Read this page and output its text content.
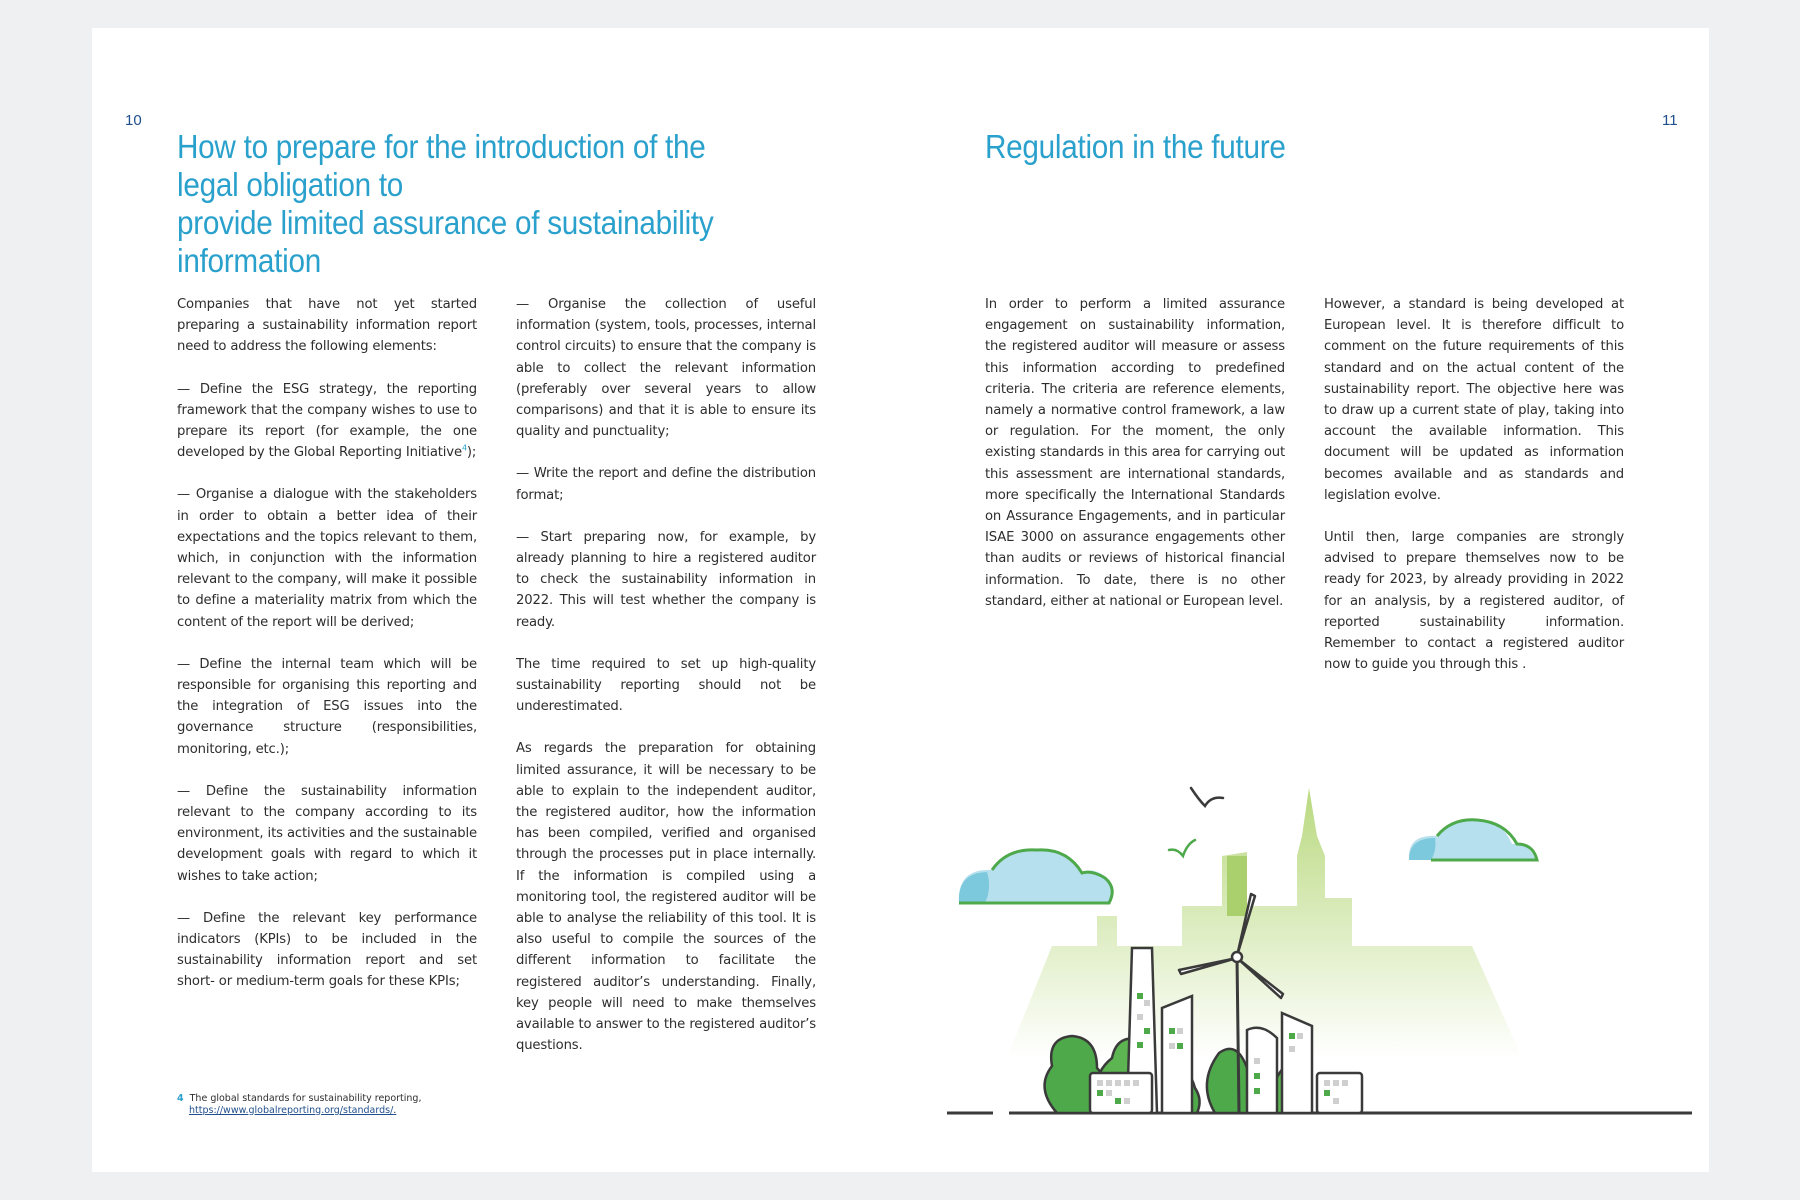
10
How to prepare for the introduction of the legal obligation to
provide limited assurance of sustainability information

Companies that have not yet started preparing a sustainability information report need to address the following elements:

— Define the ESG strategy, the reporting framework that the company wishes to use to prepare its report (for example, the one developed by the Global Reporting Initiative$^4$);

— Organise a dialogue with the stakeholders in order to obtain a better idea of their expectations and the topics relevant to them, which, in conjunction with the information relevant to the company, will make it possible to define a materiality matrix from which the content of the report will be derived;

— Define the internal team which will be responsible for organising this reporting and the integration of ESG issues into the governance structure (responsibilities, monitoring, etc.);

— Define the sustainability information relevant to the company according to its environment, its activities and the sustainable development goals with regard to which it wishes to take action;

— Define the relevant key performance indicators (KPIs) to be included in the sustainability information report and set short- or medium-term goals for these KPIs;

— Organise the collection of useful information (system, tools, processes, internal control circuits) to ensure that the company is able to collect the relevant information (preferably over several years to allow comparisons) and that it is able to ensure its quality and punctuality;

— Write the report and define the distribution format;

— Start preparing now, for example, by already planning to hire a registered auditor to check the sustainability information in 2022. This will test whether the company is ready.

The time required to set up high-quality sustainability reporting should not be underestimated.

As regards the preparation for obtaining limited assurance, it will be necessary to be able to explain to the independent auditor, the registered auditor, how the information has been compiled, verified and organised through the processes put in place internally. If the information is compiled using a monitoring tool, the registered auditor will be able to analyse the reliability of this tool. It is also useful to compile the sources of the different information to facilitate the registered auditor’s understanding. Finally, key people will need to make themselves available to answer to the registered auditor’s questions.

4 The global standards for sustainability reporting,
https://www.globalreporting.org/standards/.
11
Regulation in the future

In order to perform a limited assurance engagement on sustainability information, the registered auditor will measure or assess this information according to predefined criteria. The criteria are reference elements, namely a normative control framework, a law or regulation. For the moment, the only existing standards in this area for carrying out this assessment are international standards, more specifically the International Standards on Assurance Engagements, and in particular ISAE 3000 on assurance engagements other than audits or reviews of historical financial information. To date, there is no other standard, either at national or European level.

However, a standard is being developed at European level. It is therefore difficult to comment on the future requirements of this standard and on the actual content of the sustainability report. The objective here was to draw up a current state of play, taking into account the available information. This document will be updated as information becomes available and as standards and legislation evolve.

Until then, large companies are strongly advised to prepare themselves now to be ready for 2023, by already providing in 2022 for an analysis, by a registered auditor, of reported sustainability information. Remember to contact a registered auditor now to guide you through this .
